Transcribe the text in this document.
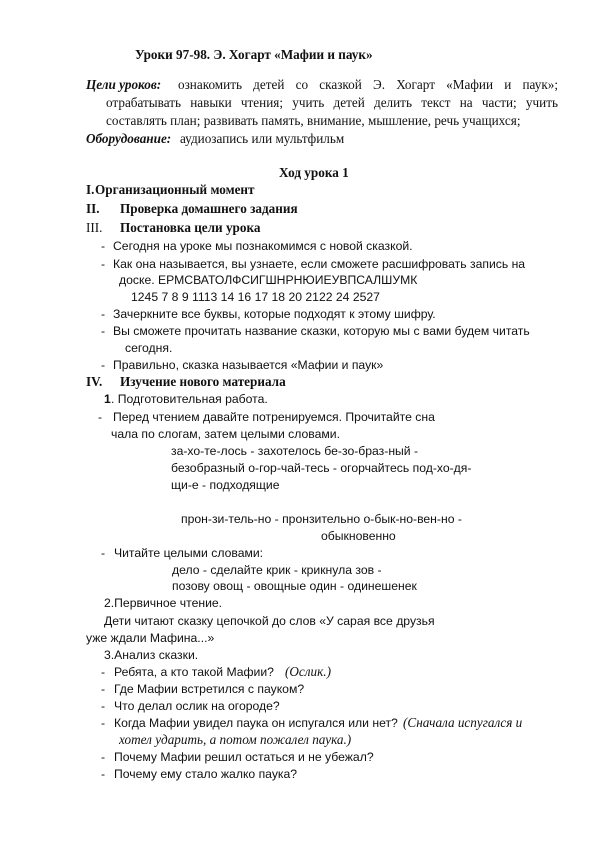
Уроки 97-98. Э. Хогарт «Мафии и паук»
Цели уроков: ознакомить детей со сказкой Э. Хогарт «Мафии и паук»;
отрабатывать навыки чтения; учить детей делить текст на части; учить
составлять план; развивать память, внимание, мышление, речь учащихся;
Оборудование: аудиозапись или мультфильм
Ход урока 1
I. Организационный момент
II. Проверка домашнего задания
III. Постановка цели урока
- Сегодня на уроке мы познакомимся с новой сказкой.
- Как она называется, вы узнаете, если сможете расшифровать запись на
доске. ЕРМСВАТОЛФСИГШНРНЮИЕУВПСАЛШУМК
1245 7 8 9 1113 14 16 17 18 20 2122 24 2527
- Зачеркните все буквы, которые подходят к этому шифру.
- Вы сможете прочитать название сказки, которую мы с вами будем читать
сегодня.
- Правильно, сказка называется «Мафии и паук»
IV. Изучение нового материала
1 . Подготовительная работа.
- Перед чтением давайте потренируемся. Прочитайте сна
чала по слогам, затем целыми словами.
за-хо-те-лось - захотелось бе-зо-браз-ный -
безобразный о-гор-чай-тесь - огорчайтесь под-хо-дя-
щи-е - подходящие
прон-зи-тель-но - пронзительно о-бык-но-вен-но -
обыкновенно
- Читайте целыми словами:
дело - сделайте крик - крикнула зов -
позову овощ - овощные один - одинешенек
2.Первичное чтение.
Дети читают сказку цепочкой до слов «У сарая все друзья
уже ждали Мафина...»
3.Анализ сказки.
- Ребята, а кто такой Мафии? (Ослик.)
- Где Мафии встретился с пауком?
- Что делал ослик на огороде?
- Когда Мафии увидел паука он испугался или нет? (Сначала испугался и
хотел ударить, а потом пожалел паука.)
- Почему Мафии решил остаться и не убежал?
- Почему ему стало жалко паука?
